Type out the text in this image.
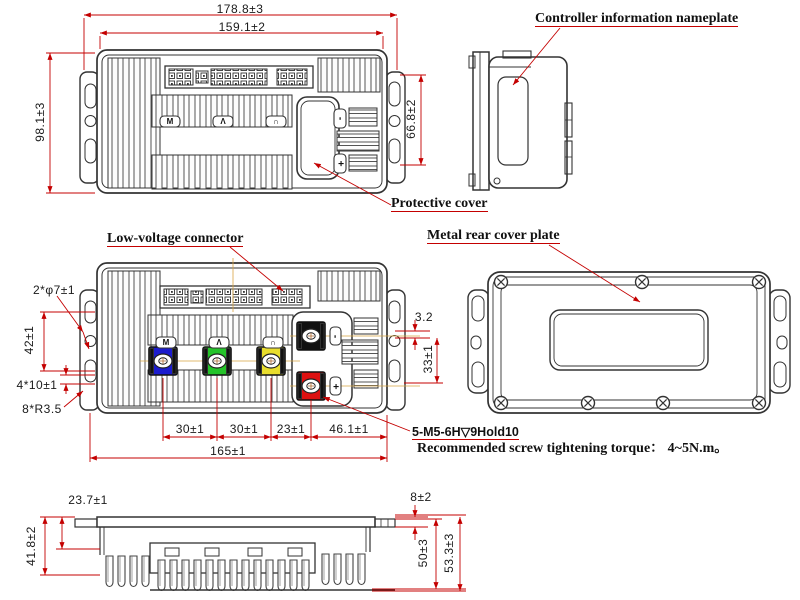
178.8±3
159.1±2
98.1±3	66.8±2
Controller information nameplate
Protective cover
Low-voltage connector	Metal rear cover plate
2*φ7±1
42±1
4*10±1
8*R3.5
30±1 30±1 23±1 46.1±1
165±1
3.2
33±1
5-M5-6H▽9Hold10
Recommended screw tightening torque： 4~5N.m。
23.7±1
41.8±2
8±2
50±3 53.3±3
M	Λ	∩	-
+
M	Λ	∩
-
+
